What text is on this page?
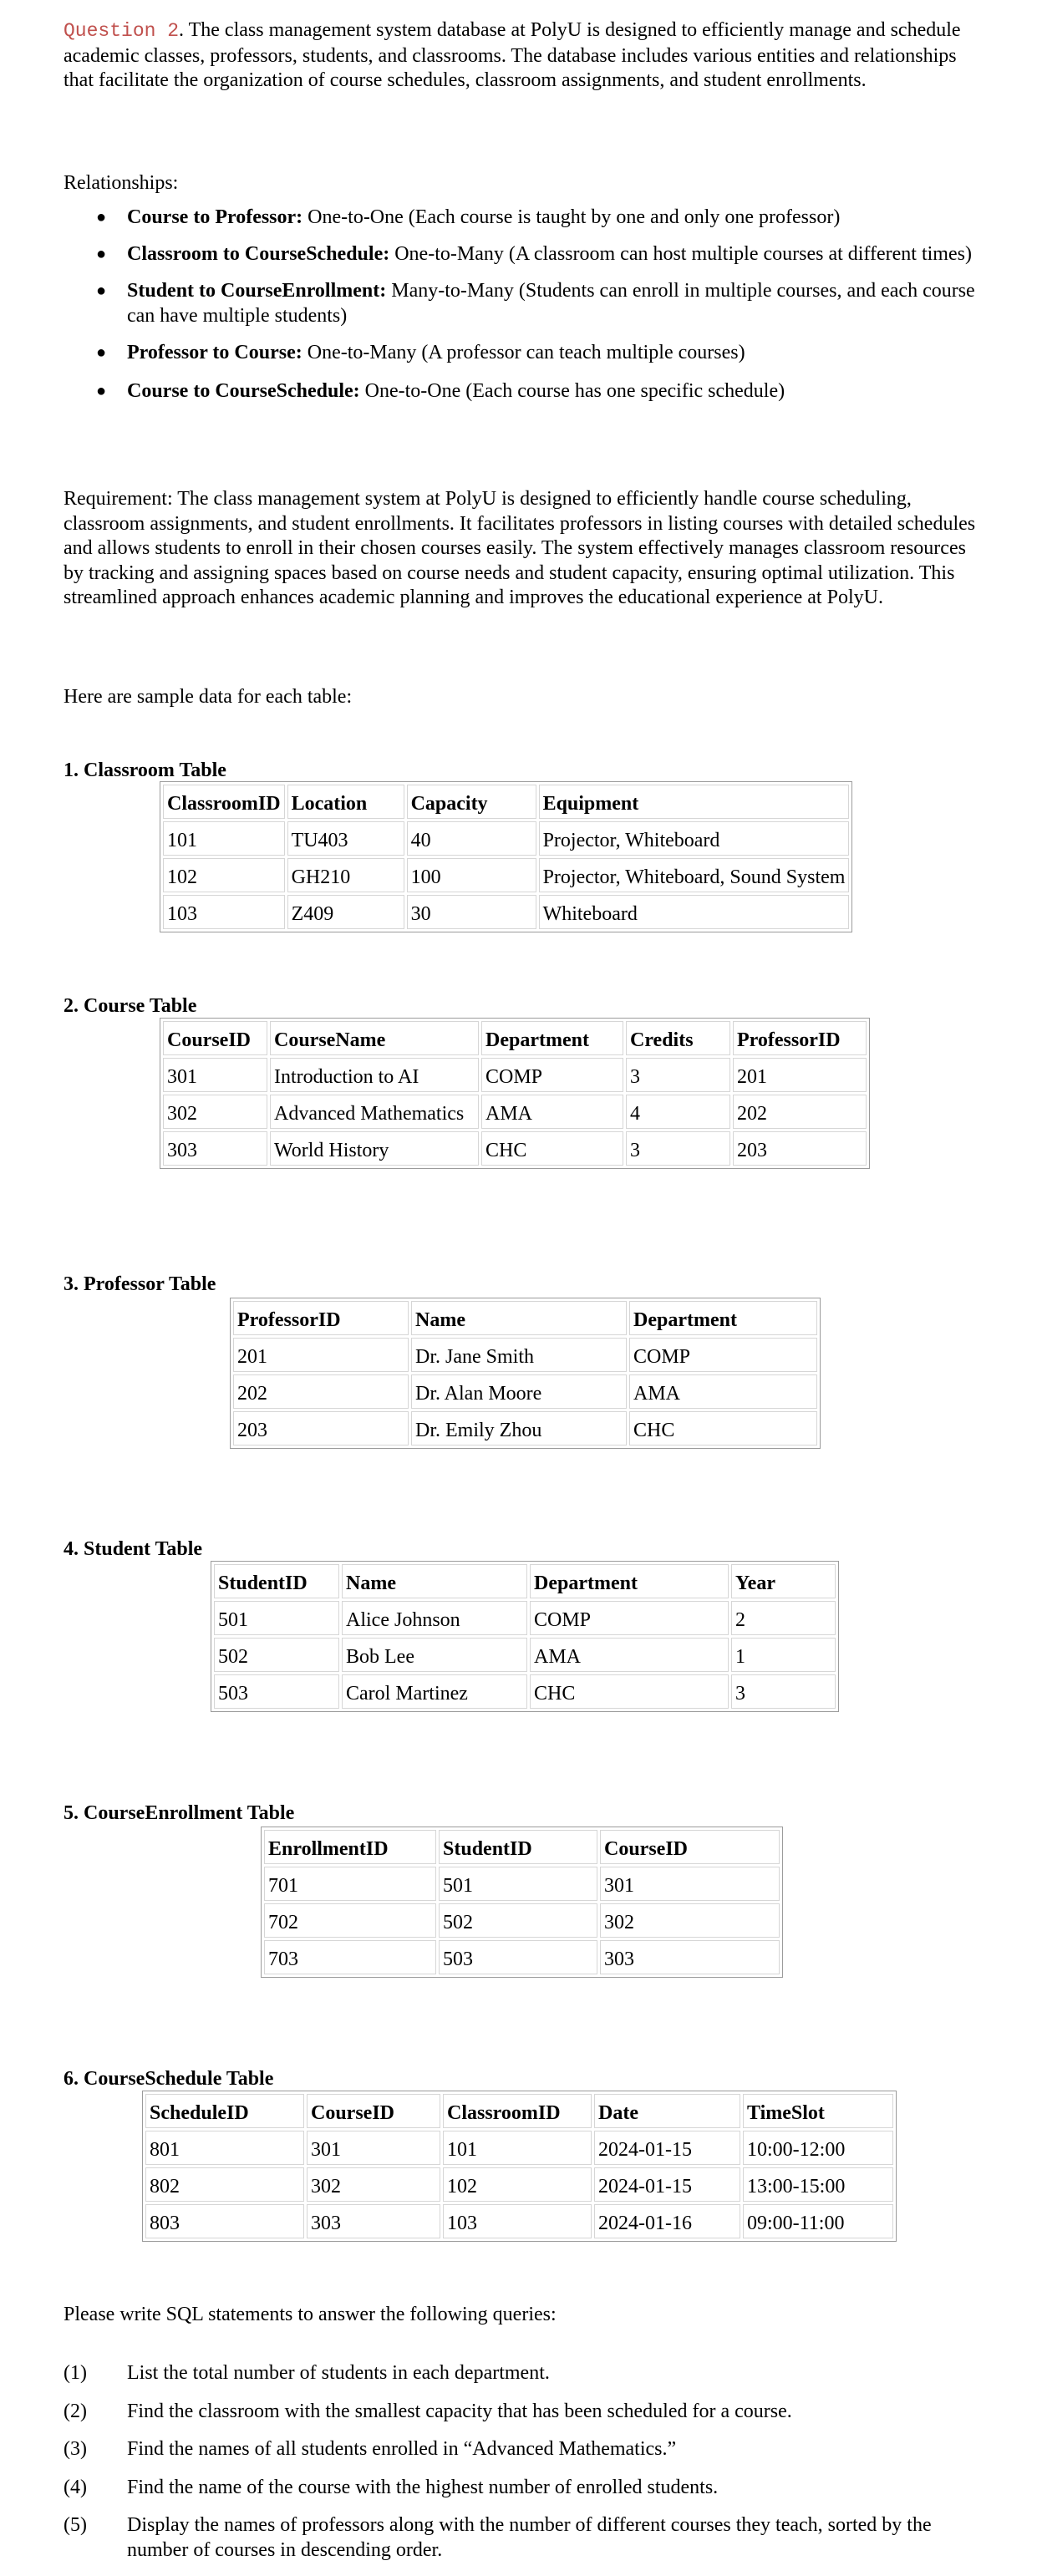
Question 2. The class management system database at PolyU is designed to efficiently manage and schedule academic classes, professors, students, and classrooms. The database includes various entities and relationships that facilitate the organization of course schedules, classroom assignments, and student enrollments.

Relationships:

● Course to Professor: One-to-One (Each course is taught by one and only one professor)
● Classroom to CourseSchedule: One-to-Many (A classroom can host multiple courses at different times)
● Student to CourseEnrollment: Many-to-Many (Students can enroll in multiple courses, and each course can have multiple students)
● Professor to Course: One-to-Many (A professor can teach multiple courses)
● Course to CourseSchedule: One-to-One (Each course has one specific schedule)

Requirement: The class management system at PolyU is designed to efficiently handle course scheduling, classroom assignments, and student enrollments. It facilitates professors in listing courses with detailed schedules and allows students to enroll in their chosen courses easily. The system effectively manages classroom resources by tracking and assigning spaces based on course needs and student capacity, ensuring optimal utilization. This streamlined approach enhances academic planning and improves the educational experience at PolyU.

Here are sample data for each table:

1. Classroom Table

ClassroomID	Location	Capacity	Equipment
101	TU403	40	Projector, Whiteboard
102	GH210	100	Projector, Whiteboard, Sound System
103	Z409	30	Whiteboard

2. Course Table

CourseID	CourseName	Department	Credits	ProfessorID
301	Introduction to AI	COMP	3	201
302	Advanced Mathematics	AMA	4	202
303	World History	CHC	3	203

3. Professor Table

ProfessorID	Name	Department
201	Dr. Jane Smith	COMP
202	Dr. Alan Moore	AMA
203	Dr. Emily Zhou	CHC

4. Student Table

StudentID	Name	Department	Year
501	Alice Johnson	COMP	2
502	Bob Lee	AMA	1
503	Carol Martinez	CHC	3

5. CourseEnrollment Table

EnrollmentID	StudentID	CourseID
701	501	301
702	502	302
703	503	303

6. CourseSchedule Table

ScheduleID	CourseID	ClassroomID	Date	TimeSlot
801	301	101	2024-01-15	10:00-12:00
802	302	102	2024-01-15	13:00-15:00
803	303	103	2024-01-16	09:00-11:00

Please write SQL statements to answer the following queries:

(1) List the total number of students in each department.
(2) Find the classroom with the smallest capacity that has been scheduled for a course.
(3) Find the names of all students enrolled in “Advanced Mathematics.”
(4) Find the name of the course with the highest number of enrolled students.
(5) Display the names of professors along with the number of different courses they teach, sorted by the number of courses in descending order.
